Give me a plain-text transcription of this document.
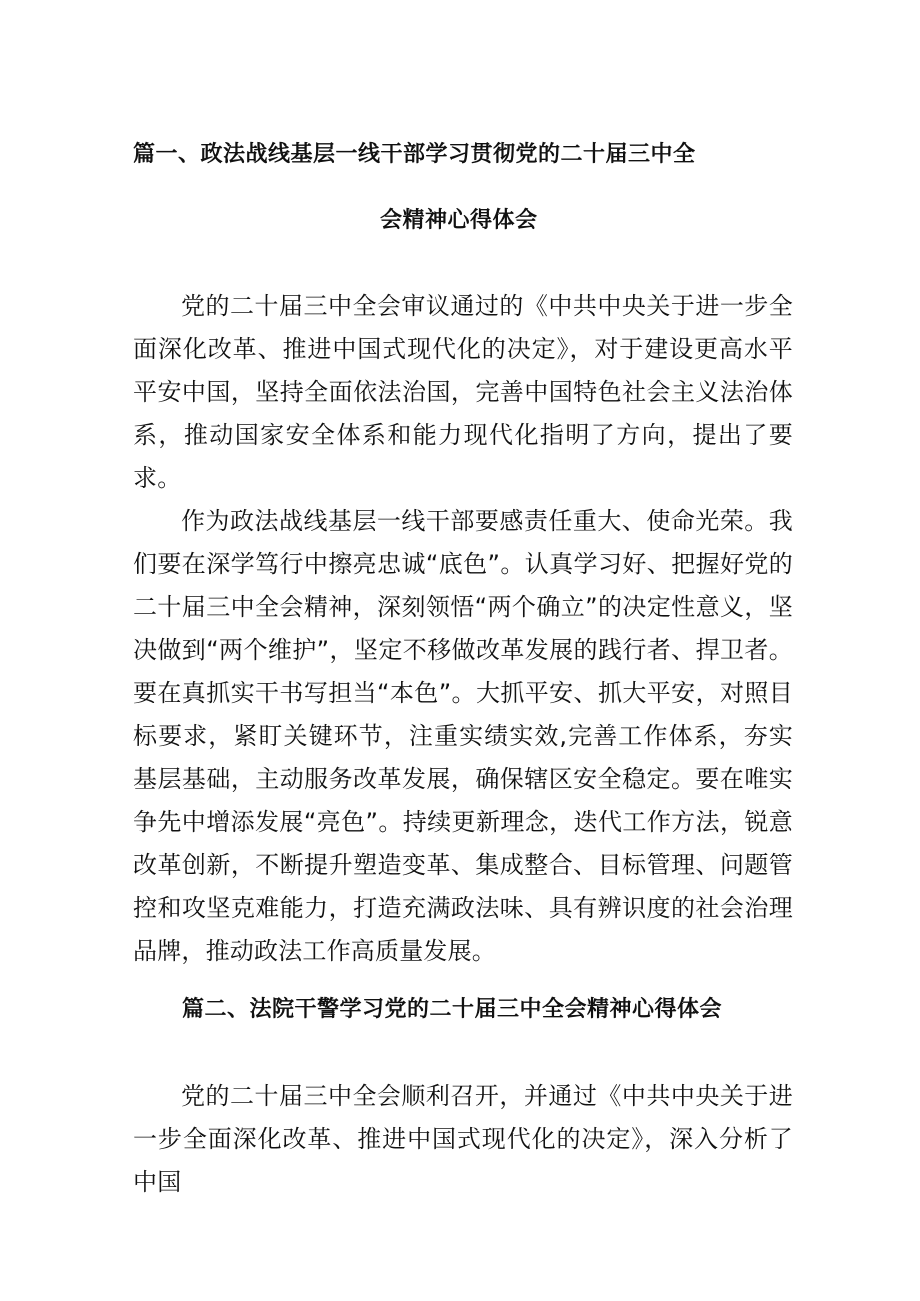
篇一、政法战线基层一线干部学习贯彻党的二十届三中全
会精神心得体会

党的二十届三中全会审议通过的《中共中央关于进一步全面深化改革、推进中国式现代化的决定》，对于建设更高水平平安中国，坚持全面依法治国，完善中国特色社会主义法治体系，推动国家安全体系和能力现代化指明了方向，提出了要求。

作为政法战线基层一线干部要感责任重大、使命光荣。我们要在深学笃行中擦亮忠诚“底色”。认真学习好、把握好党的二十届三中全会精神，深刻领悟“两个确立”的决定性意义，坚决做到“两个维护”，坚定不移做改革发展的践行者、捍卫者。要在真抓实干书写担当“本色”。大抓平安、抓大平安，对照目标要求，紧盯关键环节，注重实绩实效,完善工作体系，夯实基层基础，主动服务改革发展，确保辖区安全稳定。要在唯实争先中增添发展“亮色”。持续更新理念，迭代工作方法，锐意改革创新，不断提升塑造变革、集成整合、目标管理、问题管控和攻坚克难能力，打造充满政法味、具有辨识度的社会治理品牌，推动政法工作高质量发展。

篇二、法院干警学习党的二十届三中全会精神心得体会

党的二十届三中全会顺利召开，并通过《中共中央关于进一步全面深化改革、推进中国式现代化的决定》，深入分析了中国
